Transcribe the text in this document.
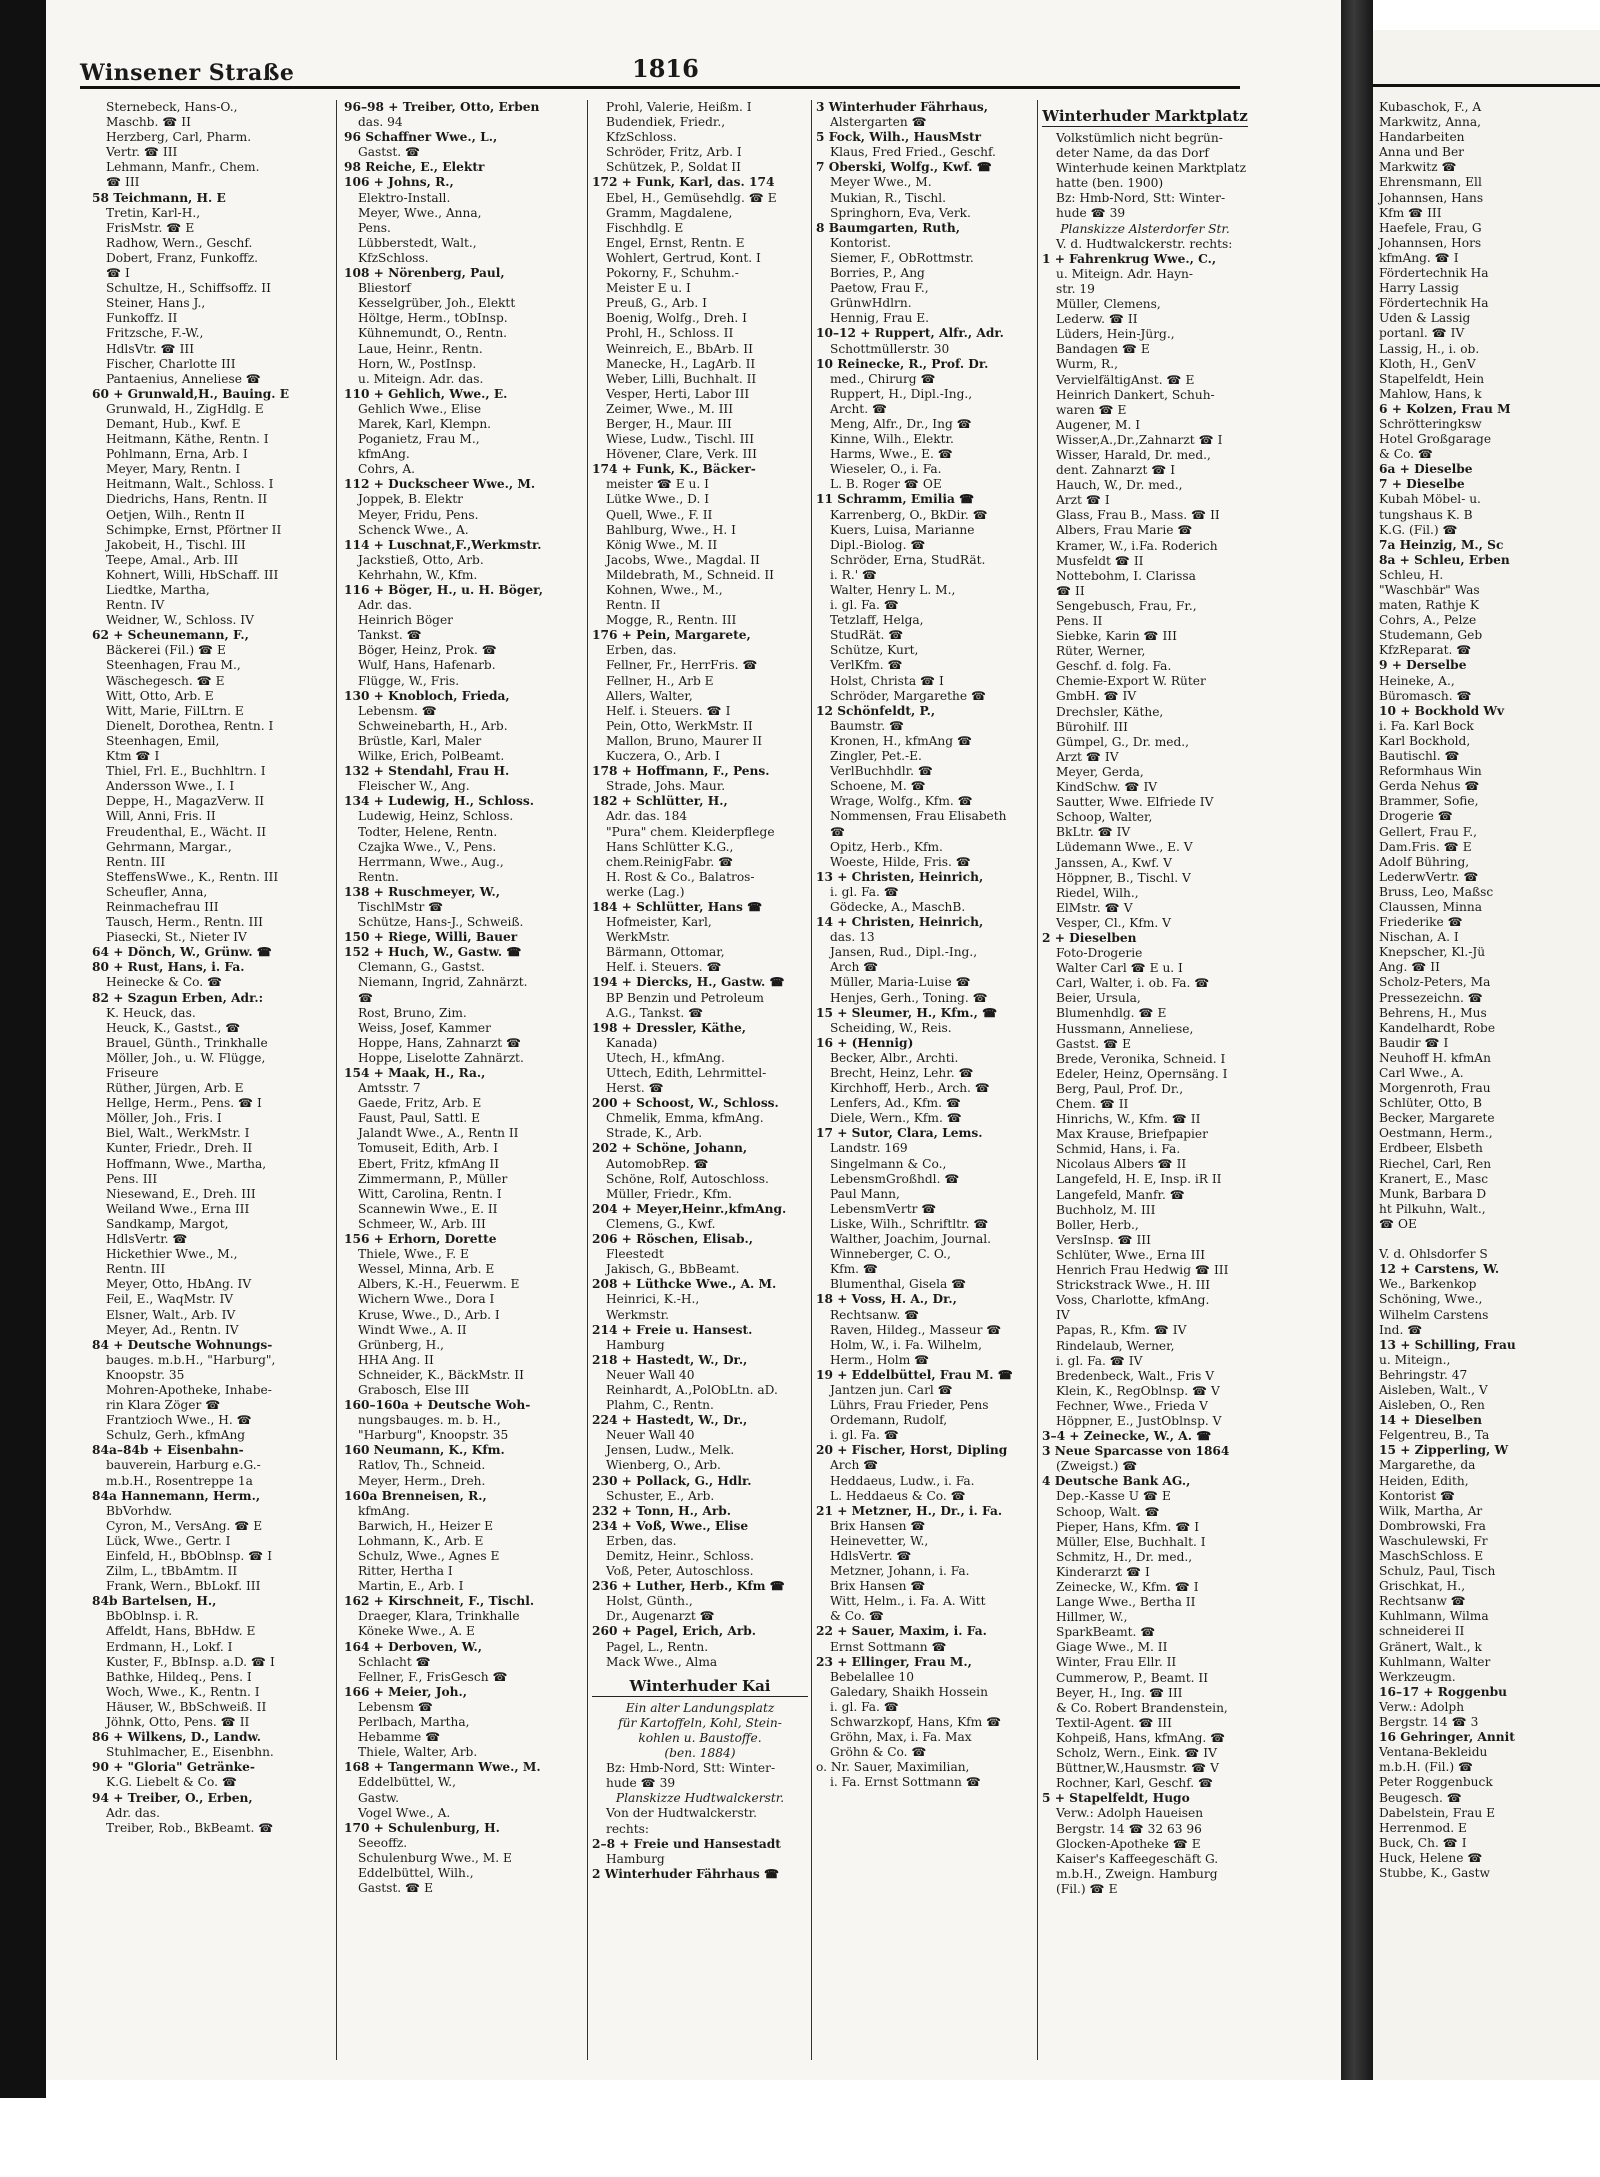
Kubaschok, F., A
Markwitz, Anna,
Handarbeiten
Anna und Ber
Markwitz ☎
Ehrensmann, Ell
Johannsen, Hans
Kfm ☎ III
Haefele, Frau, G
Johannsen, Hors
kfmAng. ☎ I
Fördertechnik Ha
Harry Lassig
Fördertechnik Ha
Uden & Lassig
portanl. ☎ IV
Lassig, H., i. ob.
Kloth, H., GenV
Stapelfeldt, Hein
Mahlow, Hans, k
6 + Kolzen, Frau M
Schrötteringksw
Hotel Großgarage
& Co. ☎
6a + Dieselbe
7 + Dieselbe
Kubah Möbel- u.
tungshaus K. B
K.G. (Fil.) ☎
7a Heinzig, M., Sc
8a + Schleu, Erben
Schleu, H.
"Waschbär" Was
maten, Rathje K
Cohrs, A., Pelze
Studemann, Geb
KfzReparat. ☎
9 + Derselbe
Heineke, A.,
Büromasch. ☎
10 + Bockhold Wv
i. Fa. Karl Bock
Karl Bockhold,
Bautischl. ☎
Reformhaus Win
Gerda Nehus ☎
Brammer, Sofie,
Drogerie ☎
Gellert, Frau F.,
Dam.Fris. ☎ E
Adolf Bühring,
LederwVertr. ☎
Bruss, Leo, Maßsc
Claussen, Minna
Friederike ☎
Nischan, A. I
Knepscher, Kl.-Jü
Ang. ☎ II
Scholz-Peters, Ma
Pressezeichn. ☎
Behrens, H., Mus
Kandelhardt, Robe
Baudir ☎ I
Neuhoff H. kfmAn
Carl Wwe., A.
Morgenroth, Frau
Schlüter, Otto, B
Becker, Margarete
Oestmann, Herm.,
Erdbeer, Elsbeth
Riechel, Carl, Ren
Kranert, E., Masc
Munk, Barbara D
ht Pilkuhn, Walt.,
☎ OE
V. d. Ohlsdorfer S
12 + Carstens, W.
We., Barkenkop
Schöning, Wwe.,
Wilhelm Carstens
Ind. ☎
13 + Schilling, Frau
u. Miteign.,
Behringstr. 47
Aisleben, Walt., V
Aisleben, O., Ren
14 + Dieselben
Felgentreu, B., Ta
15 + Zipperling, W
Margarethe, da
Heiden, Edith,
Kontorist ☎
Wilk, Martha, Ar
Dombrowski, Fra
Waschulewski, Fr
MaschSchloss. E
Schulz, Paul, Tisch
Grischkat, H.,
Rechtsanw ☎
Kuhlmann, Wilma
schneiderei II
Gränert, Walt., k
Kuhlmann, Walter
Werkzeugm.
16–17 + Roggenbu
Verw.: Adolph
Bergstr. 14 ☎ 3
16 Gehringer, Annit
Ventana-Bekleidu
m.b.H. (Fil.) ☎
Peter Roggenbuck
Beugesch. ☎
Dabelstein, Frau E
Herrenmod. E
Buck, Ch. ☎ I
Huck, Helene ☎
Stubbe, K., Gastw
Winsener Straße	1816
Sternebeck, Hans-O.,
Maschb. ☎ II
Herzberg, Carl, Pharm.
Vertr. ☎ III
Lehmann, Manfr., Chem.
☎ III
58 Teichmann, H. E
Tretin, Karl-H.,
FrisMstr. ☎ E
Radhow, Wern., Geschf.
Dobert, Franz, Funkoffz.
☎ I
Schultze, H., Schiffsoffz. II
Steiner, Hans J.,
Funkoffz. II
Fritzsche, F.-W.,
HdlsVtr. ☎ III
Fischer, Charlotte III
Pantaenius, Anneliese ☎
60 + Grunwald,H., Bauing. E
Grunwald, H., ZigHdlg. E
Demant, Hub., Kwf. E
Heitmann, Käthe, Rentn. I
Pohlmann, Erna, Arb. I
Meyer, Mary, Rentn. I
Heitmann, Walt., Schloss. I
Diedrichs, Hans, Rentn. II
Oetjen, Wilh., Rentn II
Schimpke, Ernst, Pförtner II
Jakobeit, H., Tischl. III
Teepe, Amal., Arb. III
Kohnert, Willi, HbSchaff. III
Liedtke, Martha,
Rentn. IV
Weidner, W., Schloss. IV
62 + Scheunemann, F.,
Bäckerei (Fil.) ☎ E
Steenhagen, Frau M.,
Wäschegesch. ☎ E
Witt, Otto, Arb. E
Witt, Marie, FilLtrn. E
Dienelt, Dorothea, Rentn. I
Steenhagen, Emil,
Ktm ☎ I
Thiel, Frl. E., Buchhltrn. I
Andersson Wwe., I. I
Deppe, H., MagazVerw. II
Will, Anni, Fris. II
Freudenthal, E., Wächt. II
Gehrmann, Margar.,
Rentn. III
SteffensWwe., K., Rentn. III
Scheufler, Anna,
Reinmachefrau III
Tausch, Herm., Rentn. III
Piasecki, St., Nieter IV
64 + Dönch, W., Grünw. ☎
80 + Rust, Hans, i. Fa.
Heinecke & Co. ☎
82 + Szagun Erben, Adr.:
K. Heuck, das.
Heuck, K., Gastst., ☎
Brauel, Günth., Trinkhalle
Möller, Joh., u. W. Flügge,
Friseure
Rüther, Jürgen, Arb. E
Hellge, Herm., Pens. ☎ I
Möller, Joh., Fris. I
Biel, Walt., WerkMstr. I
Kunter, Friedr., Dreh. II
Hoffmann, Wwe., Martha,
Pens. III
Niesewand, E., Dreh. III
Weiland Wwe., Erna III
Sandkamp, Margot,
HdlsVertr. ☎
Hickethier Wwe., M.,
Rentn. III
Meyer, Otto, HbAng. IV
Feil, E., WaqMstr. IV
Elsner, Walt., Arb. IV
Meyer, Ad., Rentn. IV
84 + Deutsche Wohnungs-
bauges. m.b.H., "Harburg",
Knoopstr. 35
Mohren-Apotheke, Inhabe-
rin Klara Zöger ☎
Frantzioch Wwe., H. ☎
Schulz, Gerh., kfmAng
84a–84b + Eisenbahn-
bauverein, Harburg e.G.-
m.b.H., Rosentreppe 1a
84a Hannemann, Herm.,
BbVorhdw.
Cyron, M., VersAng. ☎ E
Lück, Wwe., Gertr. I
Einfeld, H., BbOblnsp. ☎ I
Zilm, L., tBbAmtm. II
Frank, Wern., BbLokf. III
84b Bartelsen, H.,
BbOblnsp. i. R.
Affeldt, Hans, BbHdw. E
Erdmann, H., Lokf. I
Kuster, F., BbInsp. a.D. ☎ I
Bathke, Hildeq., Pens. I
Woch, Wwe., K., Rentn. I
Häuser, W., BbSchweiß. II
Jöhnk, Otto, Pens. ☎ II
86 + Wilkens, D., Landw.
Stuhlmacher, E., Eisenbhn.
90 + "Gloria" Getränke-
K.G. Liebelt & Co. ☎
94 + Treiber, O., Erben,
Adr. das.
Treiber, Rob., BkBeamt. ☎
96–98 + Treiber, Otto, Erben
das. 94
96 Schaffner Wwe., L.,
Gastst. ☎
98 Reiche, E., Elektr
106 + Johns, R.,
Elektro-Install.
Meyer, Wwe., Anna,
Pens.
Lübberstedt, Walt.,
KfzSchloss.
108 + Nörenberg, Paul,
Bliestorf
Kesselgrüber, Joh., Elektt
Höltge, Herm., tObInsp.
Kühnemundt, O., Rentn.
Laue, Heinr., Rentn.
Horn, W., PostInsp.
u. Miteign. Adr. das.
110 + Gehlich, Wwe., E.
Gehlich Wwe., Elise
Marek, Karl, Klempn.
Poganietz, Frau M.,
kfmAng.
Cohrs, A.
112 + Duckscheer Wwe., M.
Joppek, B. Elektr
Meyer, Fridu, Pens.
Schenck Wwe., A.
114 + Luschnat,F.,Werkmstr.
Jackstieß, Otto, Arb.
Kehrhahn, W., Kfm.
116 + Böger, H., u. H. Böger,
Adr. das.
Heinrich Böger
Tankst. ☎
Böger, Heinz, Prok. ☎
Wulf, Hans, Hafenarb.
Flügge, W., Fris.
130 + Knobloch, Frieda,
Lebensm. ☎
Schweinebarth, H., Arb.
Brüstle, Karl, Maler
Wilke, Erich, PolBeamt.
132 + Stendahl, Frau H.
Fleischer W., Ang.
134 + Ludewig, H., Schloss.
Ludewig, Heinz, Schloss.
Todter, Helene, Rentn.
Czajka Wwe., V., Pens.
Herrmann, Wwe., Aug.,
Rentn.
138 + Ruschmeyer, W.,
TischlMstr ☎
Schütze, Hans-J., Schweiß.
150 + Riege, Willi, Bauer
152 + Huch, W., Gastw. ☎
Clemann, G., Gastst.
Niemann, Ingrid, Zahnärzt.
☎
Rost, Bruno, Zim.
Weiss, Josef, Kammer
Hoppe, Hans, Zahnarzt ☎
Hoppe, Liselotte Zahnärzt.
154 + Maak, H., Ra.,
Amtsstr. 7
Gaede, Fritz, Arb. E
Faust, Paul, Sattl. E
Jalandt Wwe., A., Rentn II
Tomuseit, Edith, Arb. I
Ebert, Fritz, kfmAng II
Zimmermann, P., Müller
Witt, Carolina, Rentn. I
Scannewin Wwe., E. II
Schmeer, W., Arb. III
156 + Erhorn, Dorette
Thiele, Wwe., F. E
Wessel, Minna, Arb. E
Albers, K.-H., Feuerwm. E
Wichern Wwe., Dora I
Kruse, Wwe., D., Arb. I
Windt Wwe., A. II
Grünberg, H.,
HHA Ang. II
Schneider, K., BäckMstr. II
Grabosch, Else III
160–160a + Deutsche Woh-
nungsbauges. m. b. H.,
"Harburg", Knoopstr. 35
160 Neumann, K., Kfm.
Ratlov, Th., Schneid.
Meyer, Herm., Dreh.
160a Brenneisen, R.,
kfmAng.
Barwich, H., Heizer E
Lohmann, K., Arb. E
Schulz, Wwe., Agnes E
Ritter, Hertha I
Martin, E., Arb. I
162 + Kirschneit, F., Tischl.
Draeger, Klara, Trinkhalle
Köneke Wwe., A. E
164 + Derboven, W.,
Schlacht ☎
Fellner, F., FrisGesch ☎
166 + Meier, Joh.,
Lebensm ☎
Perlbach, Martha,
Hebamme ☎
Thiele, Walter, Arb.
168 + Tangermann Wwe., M.
Eddelbüttel, W.,
Gastw.
Vogel Wwe., A.
170 + Schulenburg, H.
Seeoffz.
Schulenburg Wwe., M. E
Eddelbüttel, Wilh.,
Gastst. ☎ E
Prohl, Valerie, Heißm. I
Budendiek, Friedr.,
KfzSchloss.
Schröder, Fritz, Arb. I
Schützek, P., Soldat II
172 + Funk, Karl, das. 174
Ebel, H., Gemüsehdlg. ☎ E
Gramm, Magdalene,
Fischhdlg. E
Engel, Ernst, Rentn. E
Wohlert, Gertrud, Kont. I
Pokorny, F., Schuhm.-
Meister E u. I
Preuß, G., Arb. I
Boenig, Wolfg., Dreh. I
Prohl, H., Schloss. II
Weinreich, E., BbArb. II
Manecke, H., LagArb. II
Weber, Lilli, Buchhalt. II
Vesper, Herti, Labor III
Zeimer, Wwe., M. III
Berger, H., Maur. III
Wiese, Ludw., Tischl. III
Hövener, Clare, Verk. III
174 + Funk, K., Bäcker-
meister ☎ E u. I
Lütke Wwe., D. I
Quell, Wwe., F. II
Bahlburg, Wwe., H. I
König Wwe., M. II
Jacobs, Wwe., Magdal. II
Mildebrath, M., Schneid. II
Kohnen, Wwe., M.,
Rentn. II
Mogge, R., Rentn. III
176 + Pein, Margarete,
Erben, das.
Fellner, Fr., HerrFris. ☎
Fellner, H., Arb E
Allers, Walter,
Helf. i. Steuers. ☎ I
Pein, Otto, WerkMstr. II
Mallon, Bruno, Maurer II
Kuczera, O., Arb. I
178 + Hoffmann, F., Pens.
Strade, Johs. Maur.
182 + Schlütter, H.,
Adr. das. 184
"Pura" chem. Kleiderpflege
Hans Schlütter K.G.,
chem.ReinigFabr. ☎
H. Rost & Co., Balatros-
werke (Lag.)
184 + Schlütter, Hans ☎
Hofmeister, Karl,
WerkMstr.
Bärmann, Ottomar,
Helf. i. Steuers. ☎
194 + Diercks, H., Gastw. ☎
BP Benzin und Petroleum
A.G., Tankst. ☎
198 + Dressler, Käthe,
Kanada)
Utech, H., kfmAng.
Uttech, Edith, Lehrmittel-
Herst. ☎
200 + Schoost, W., Schloss.
Chmelik, Emma, kfmAng.
Strade, K., Arb.
202 + Schöne, Johann,
AutomobRep. ☎
Schöne, Rolf, Autoschloss.
Müller, Friedr., Kfm.
204 + Meyer,Heinr.,kfmAng.
Clemens, G., Kwf.
206 + Röschen, Elisab.,
Fleestedt
Jakisch, G., BbBeamt.
208 + Lüthcke Wwe., A. M.
Heinrici, K.-H.,
Werkmstr.
214 + Freie u. Hansest.
Hamburg
218 + Hastedt, W., Dr.,
Neuer Wall 40
Reinhardt, A.,PolObLtn. aD.
Plahm, C., Rentn.
224 + Hastedt, W., Dr.,
Neuer Wall 40
Jensen, Ludw., Melk.
Wienberg, O., Arb.
230 + Pollack, G., Hdlr.
Schuster, E., Arb.
232 + Tonn, H., Arb.
234 + Voß, Wwe., Elise
Erben, das.
Demitz, Heinr., Schloss.
Voß, Peter, Autoschloss.
236 + Luther, Herb., Kfm ☎
Holst, Günth.,
Dr., Augenarzt ☎
260 + Pagel, Erich, Arb.
Pagel, L., Rentn.
Mack Wwe., Alma
Winterhuder Kai
Ein alter Landungsplatz
für Kartoffeln, Kohl, Stein-
kohlen u. Baustoffe.
(ben. 1884)
Bz: Hmb-Nord, Stt: Winter-
hude ☎ 39
Planskizze Hudtwalckerstr.
Von der Hudtwalckerstr.
rechts:
2–8 + Freie und Hansestadt
Hamburg
2 Winterhuder Fährhaus ☎
3 Winterhuder Fährhaus,
Alstergarten ☎
5 Fock, Wilh., HausMstr
Klaus, Fred Fried., Geschf.
7 Oberski, Wolfg., Kwf. ☎
Meyer Wwe., M.
Mukian, R., Tischl.
Springhorn, Eva, Verk.
8 Baumgarten, Ruth,
Kontorist.
Siemer, F., ObRottmstr.
Borries, P., Ang
Paetow, Frau F.,
GrünwHdlrn.
Hennig, Frau E.
10–12 + Ruppert, Alfr., Adr.
Schottmüllerstr. 30
10 Reinecke, R., Prof. Dr.
med., Chirurg ☎
Ruppert, H., Dipl.-Ing.,
Archt. ☎
Meng, Alfr., Dr., Ing ☎
Kinne, Wilh., Elektr.
Harms, Wwe., E. ☎
Wieseler, O., i. Fa.
L. B. Roger ☎ OE
11 Schramm, Emilia ☎
Karrenberg, O., BkDir. ☎
Kuers, Luisa, Marianne
Dipl.-Biolog. ☎
Schröder, Erna, StudRät.
i. R.' ☎
Walter, Henry L. M.,
i. gl. Fa. ☎
Tetzlaff, Helga,
StudRät. ☎
Schütze, Kurt,
VerlKfm. ☎
Holst, Christa ☎ I
Schröder, Margarethe ☎
12 Schönfeldt, P.,
Baumstr. ☎
Kronen, H., kfmAng ☎
Zingler, Pet.-E.
VerlBuchhdlr. ☎
Schoene, M. ☎
Wrage, Wolfg., Kfm. ☎
Nommensen, Frau Elisabeth
☎
Opitz, Herb., Kfm.
Woeste, Hilde, Fris. ☎
13 + Christen, Heinrich,
i. gl. Fa. ☎
Gödecke, A., MaschB.
14 + Christen, Heinrich,
das. 13
Jansen, Rud., Dipl.-Ing.,
Arch ☎
Müller, Maria-Luise ☎
Henjes, Gerh., Toning. ☎
15 + Sleumer, H., Kfm., ☎
Scheiding, W., Reis.
16 + (Hennig)
Becker, Albr., Archti.
Brecht, Heinz, Lehr. ☎
Kirchhoff, Herb., Arch. ☎
Lenfers, Ad., Kfm. ☎
Diele, Wern., Kfm. ☎
17 + Sutor, Clara, Lems.
Landstr. 169
Singelmann & Co.,
LebensmGroßhdl. ☎
Paul Mann,
LebensmVertr ☎
Liske, Wilh., Schriftltr. ☎
Walther, Joachim, Journal.
Winneberger, C. O.,
Kfm. ☎
Blumenthal, Gisela ☎
18 + Voss, H. A., Dr.,
Rechtsanw. ☎
Raven, Hildeg., Masseur ☎
Holm, W., i. Fa. Wilhelm,
Herm., Holm ☎
19 + Eddelbüttel, Frau M. ☎
Jantzen jun. Carl ☎
Lührs, Frau Frieder, Pens
Ordemann, Rudolf,
i. gl. Fa. ☎
20 + Fischer, Horst, Dipling
Arch ☎
Heddaeus, Ludw., i. Fa.
L. Heddaeus & Co. ☎
21 + Metzner, H., Dr., i. Fa.
Brix Hansen ☎
Heinevetter, W.,
HdlsVertr. ☎
Metzner, Johann, i. Fa.
Brix Hansen ☎
Witt, Helm., i. Fa. A. Witt
& Co. ☎
22 + Sauer, Maxim, i. Fa.
Ernst Sottmann ☎
23 + Ellinger, Frau M.,
Bebelallee 10
Galedary, Shaikh Hossein
i. gl. Fa. ☎
Schwarzkopf, Hans, Kfm ☎
Gröhn, Max, i. Fa. Max
Gröhn & Co. ☎
o. Nr. Sauer, Maximilian,
i. Fa. Ernst Sottmann ☎
Winterhuder Marktplatz
Volkstümlich nicht begrün-
deter Name, da das Dorf
Winterhude keinen Marktplatz
hatte (ben. 1900)
Bz: Hmb-Nord, Stt: Winter-
hude ☎ 39
Planskizze Alsterdorfer Str.
V. d. Hudtwalckerstr. rechts:
1 + Fahrenkrug Wwe., C.,
u. Miteign. Adr. Hayn-
str. 19
Müller, Clemens,
Lederw. ☎ II
Lüders, Hein-Jürg.,
Bandagen ☎ E
Wurm, R.,
VervielfältigAnst. ☎ E
Heinrich Dankert, Schuh-
waren ☎ E
Augener, M. I
Wisser,A.,Dr.,Zahnarzt ☎ I
Wisser, Harald, Dr. med.,
dent. Zahnarzt ☎ I
Hauch, W., Dr. med.,
Arzt ☎ I
Glass, Frau B., Mass. ☎ II
Albers, Frau Marie ☎
Kramer, W., i.Fa. Roderich
Musfeldt ☎ II
Nottebohm, I. Clarissa
☎ II
Sengebusch, Frau, Fr.,
Pens. II
Siebke, Karin ☎ III
Rüter, Werner,
Geschf. d. folg. Fa.
Chemie-Export W. Rüter
GmbH. ☎ IV
Drechsler, Käthe,
Bürohilf. III
Gümpel, G., Dr. med.,
Arzt ☎ IV
Meyer, Gerda,
KindSchw. ☎ IV
Sautter, Wwe. Elfriede IV
Schoop, Walter,
BkLtr. ☎ IV
Lüdemann Wwe., E. V
Janssen, A., Kwf. V
Höppner, B., Tischl. V
Riedel, Wilh.,
ElMstr. ☎ V
Vesper, Cl., Kfm. V
2 + Dieselben
Foto-Drogerie
Walter Carl ☎ E u. I
Carl, Walter, i. ob. Fa. ☎
Beier, Ursula,
Blumenhdlg. ☎ E
Hussmann, Anneliese,
Gastst. ☎ E
Brede, Veronika, Schneid. I
Edeler, Heinz, Opernsäng. I
Berg, Paul, Prof. Dr.,
Chem. ☎ II
Hinrichs, W., Kfm. ☎ II
Max Krause, Briefpapier
Schmid, Hans, i. Fa.
Nicolaus Albers ☎ II
Langefeld, H. E, Insp. iR II
Langefeld, Manfr. ☎
Buchholz, M. III
Boller, Herb.,
VersInsp. ☎ III
Schlüter, Wwe., Erna III
Henrich Frau Hedwig ☎ III
Strickstrack Wwe., H. III
Voss, Charlotte, kfmAng.
IV
Papas, R., Kfm. ☎ IV
Rindelaub, Werner,
i. gl. Fa. ☎ IV
Bredenbeck, Walt., Fris V
Klein, K., RegOblnsp. ☎ V
Fechner, Wwe., Frieda V
Höppner, E., JustOblnsp. V
3–4 + Zeinecke, W., A. ☎
3 Neue Sparcasse von 1864
(Zweigst.) ☎
4 Deutsche Bank AG.,
Dep.-Kasse U ☎ E
Schoop, Walt. ☎
Pieper, Hans, Kfm. ☎ I
Müller, Else, Buchhalt. I
Schmitz, H., Dr. med.,
Kinderarzt ☎ I
Zeinecke, W., Kfm. ☎ I
Lange Wwe., Bertha II
Hillmer, W.,
SparkBeamt. ☎
Giage Wwe., M. II
Winter, Frau Ellr. II
Cummerow, P., Beamt. II
Beyer, H., Ing. ☎ III
& Co. Robert Brandenstein,
Textil-Agent. ☎ III
Kohpeiß, Hans, kfmAng. ☎
Scholz, Wern., Eink. ☎ IV
Büttner,W.,Hausmstr. ☎ V
Rochner, Karl, Geschf. ☎
5 + Stapelfeldt, Hugo
Verw.: Adolph Haueisen
Bergstr. 14 ☎ 32 63 96
Glocken-Apotheke ☎ E
Kaiser's Kaffeegeschäft G.
m.b.H., Zweign. Hamburg
(Fil.) ☎ E
